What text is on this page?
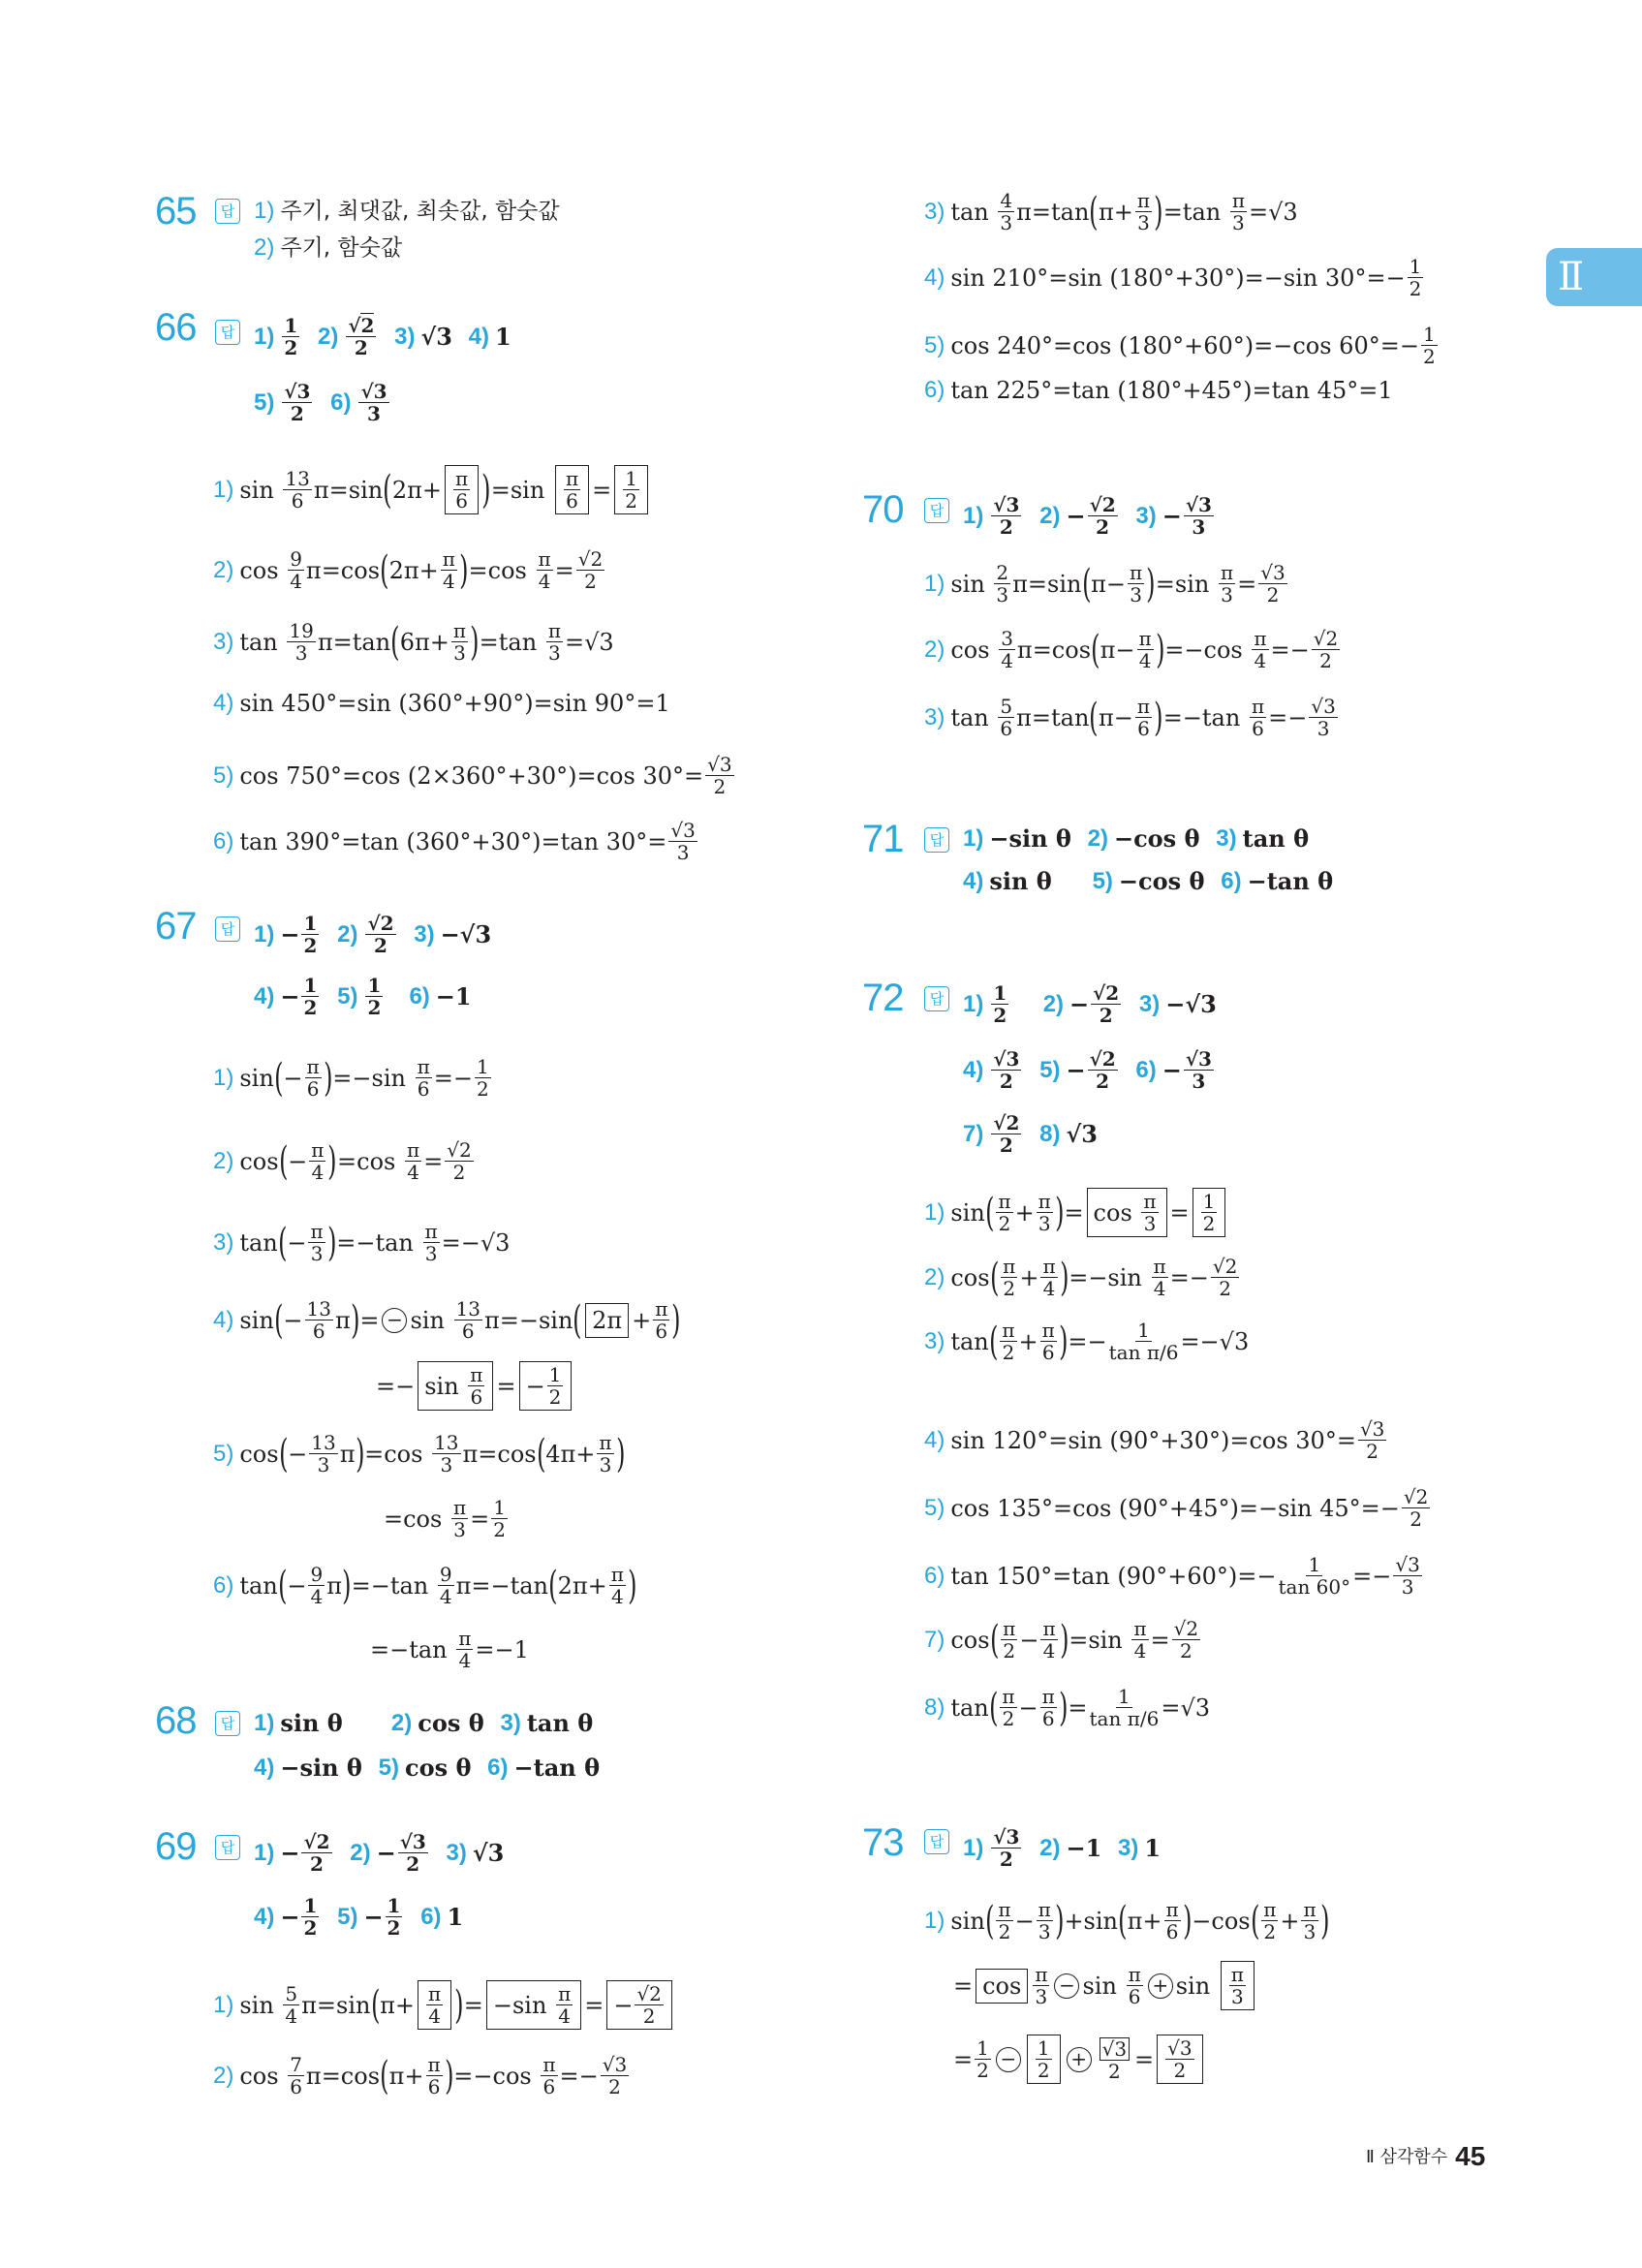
Ⅱ
65	답 1) 주기, 최댓값, 최솟값, 함숫값
2) 주기, 함숫값
66	답 1) 1
2
2) √2
2
3) √3 4) 1
5) √3
2
6) √3
3
1) sin 13
6 π=sin ( 2π+ π
6 ) =sin π
6 = 1
2
2) cos 9
4 π=cos ( 2π+ π
4 ) =cos π
4 = √2
2
3) tan 19
3 π=tan ( 6π+ π
3 ) =tan π
3 =√3
4) sin 450°=sin (360°+90°)=sin 90°=1
5) cos 750°=cos (2×360°+30°)=cos 30°= √3
2
6) tan 390°=tan (360°+30°)=tan 30°= √3
3
67	답 1) − 1
2
2) √2
2
3) −√3
4) − 1
2
5) 1
2
6) −1
1) sin ( − π
6 ) =−sin π
6 =− 1
2
2) cos ( − π
4 ) =cos π
4 = √2
2
3) tan ( − π
3 ) =−tan π
3 =−√3
4) sin ( − 13
6 π ) = − $\sin \frac{13}{6} \pi=-\sin$ ( 2π + π
6 )
=− sin π
6 = − 1
2
5) cos ( − 13
3 π ) =cos 13
3 π=cos ( 4π+ π
3 )
=cos π
3 = 1
2
6) tan ( − 9
4 π ) =−tan 9
4 π=−tan ( 2π+ π
4 )
=−tan π
4 =−1
68	답 1) sin θ 2) cos θ 3) tan θ
4) −sin θ 5) cos θ 6) −tan θ
69	답 1) − √2
2
2) − √3
2
3) √3
4) − 1
2
5) − 1
2
6) 1
1) sin 5
4 π=sin ( π+ π
4 ) = −sin π
4 = − √2
2
2) cos 7
6 π=cos ( π+ π
6 ) =−cos π
6 =− √3
2
3) tan 4
3 π=tan ( π+ π
3 ) =tan π
3 =√3
4) sin 210°=sin (180°+30°)=−sin 30°=− 1
2
5) cos 240°=cos (180°+60°)=−cos 60°=− 1
2
6) tan 225°=tan (180°+45°)=tan 45°=1
70	답 1) √3
2
2) − √2
2
3) − √3
3
1) sin 2
3 π=sin ( π− π
3 ) =sin π
3 = √3
2
2) cos 3
4 π=cos ( π− π
4 ) =−cos π
4 =− √2
2
3) tan 5
6 π=tan ( π− π
6 ) =−tan π
6 =− √3
3
71	답 1) −sin θ 2) −cos θ 3) tan θ
4) sin θ 5) −cos θ 6) −tan θ
72	답 1) 1
2
2) − √2
2
3) −√3
4) √3
2
5) − √2
2
6) − √3
3
7) √2
2
8) √3
1) sin ( π
2 + π
3 ) = cos π
3 = 1
2
2) cos ( π
2 + π
4 ) =−sin π
4 =− √2
2
3) tan ( π
2 + π
6 ) =− 1
tan π/6 =−√3
4) sin 120°=sin (90°+30°)=cos 30°= √3
2
5) cos 135°=cos (90°+45°)=−sin 45°=− √2
2
6) tan 150°=tan (90°+60°)=− 1
tan 60° =− √3
3
7) cos ( π
2 − π
4 ) =sin π
4 = √2
2
8) tan ( π
2 − π
6 ) = 1
tan π/6 =√3
73	답 1) √3
2
2) −1 3) 1
1) sin ( π
2 − π
3 ) +sin ( π+ π
6 ) −cos ( π
2 + π
3 )
= cos π
3
− $\sin \frac{\pi}{6} + \sin \pi$
3
= 1
2
− 1
2
+ $\frac{√3}{2} = √3$
2
Ⅱ 삼각함수 45
